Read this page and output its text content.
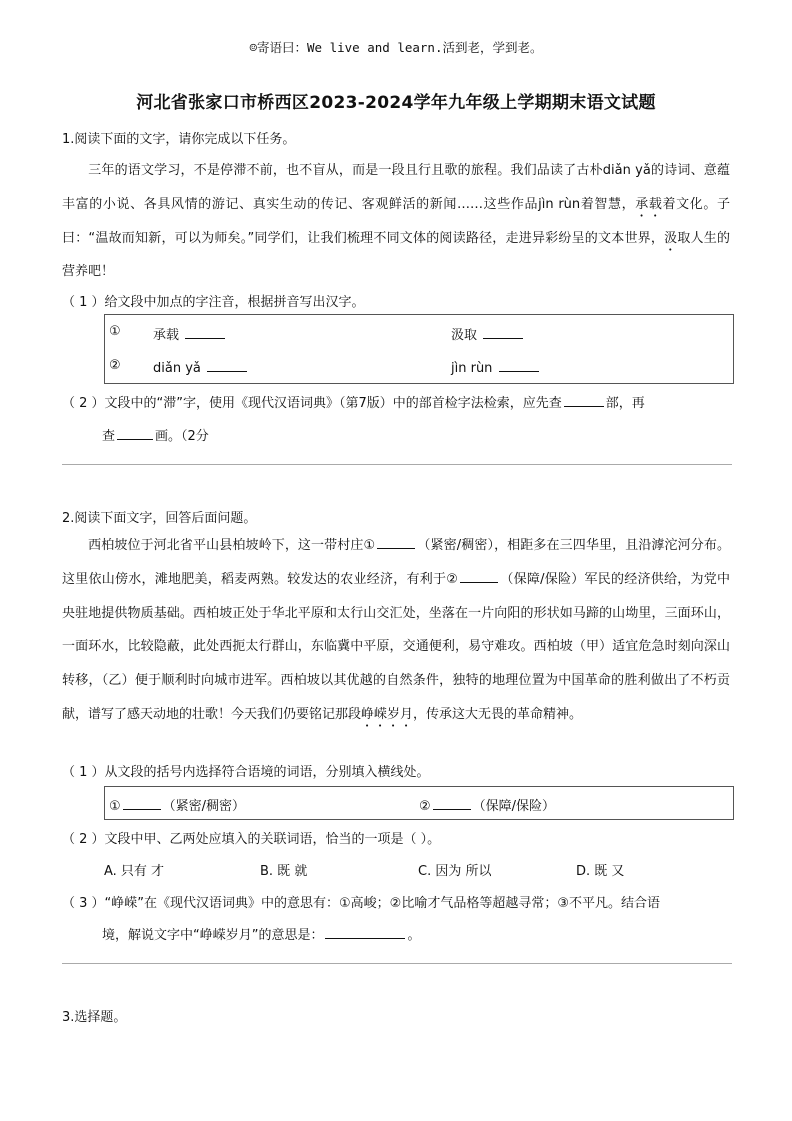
☺寄语曰：We live and learn.活到老，学到老。
河北省张家口市桥西区2023-2024学年九年级上学期期末语文试题
1.阅读下面的文字，请你完成以下任务。
三年的语文学习，不是停滞不前，也不盲从，而是一段且行且歌的旅程。我们品读了古朴diǎn yǎ的诗词、意蕴丰富的小说、各具风情的游记、真实生动的传记、客观鲜活的新闻……这些作品jìn rùn着智慧，承载着文化。子曰：“温故而知新，可以为师矣。”同学们，让我们梳理不同文体的阅读路径，走进异彩纷呈的文本世界，汲取人生的营养吧！
（ 1 ）给文段中加点的字注音，根据拼音写出汉字。
① 承载	汲取
② diǎn yǎ	jìn rùn
（ 2 ）文段中的“滞”字，使用《现代汉语词典》（第7版）中的部首检字法检索，应先查	部，再
查	画。（2分
2.阅读下面文字，回答后面问题。
西柏坡位于河北省平山县柏坡岭下，这一带村庄①	（紧密/稠密），相距多在三四华里，且沿滹沱河分布。这里依山傍水，滩地肥美，稻麦两熟。较发达的农业经济，有利于②	（保障/保险）军民的经济供给，为党中央驻地提供物质基础。西柏坡正处于华北平原和太行山交汇处，坐落在一片向阳的形状如马蹄的山坳里，三面环山，一面环水，比较隐蔽，此处西扼太行群山，东临冀中平原，交通便利，易守难攻。西柏坡（甲）适宜危急时刻向深山转移，（乙）便于顺利时向城市进军。西柏坡以其优越的自然条件，独特的地理位置为中国革命的胜利做出了不朽贡献，谱写了感天动地的壮歌！今天我们仍要铭记那段峥嵘岁月，传承这大无畏的革命精神。
（ 1 ）从文段的括号内选择符合语境的词语，分别填入横线处。
①	（紧密/稠密）	②	（保障/保险）
（ 2 ）文段中甲、乙两处应填入的关联词语，恰当的一项是（ ）。
A. 只有 才	B. 既 就	C. 因为 所以	D. 既 又
（ 3 ）“峥嵘”在《现代汉语词典》中的意思有：①高峻；②比喻才气品格等超越寻常；③不平凡。结合语
境，解说文字中“峥嵘岁月”的意思是：	。
3.选择题。
